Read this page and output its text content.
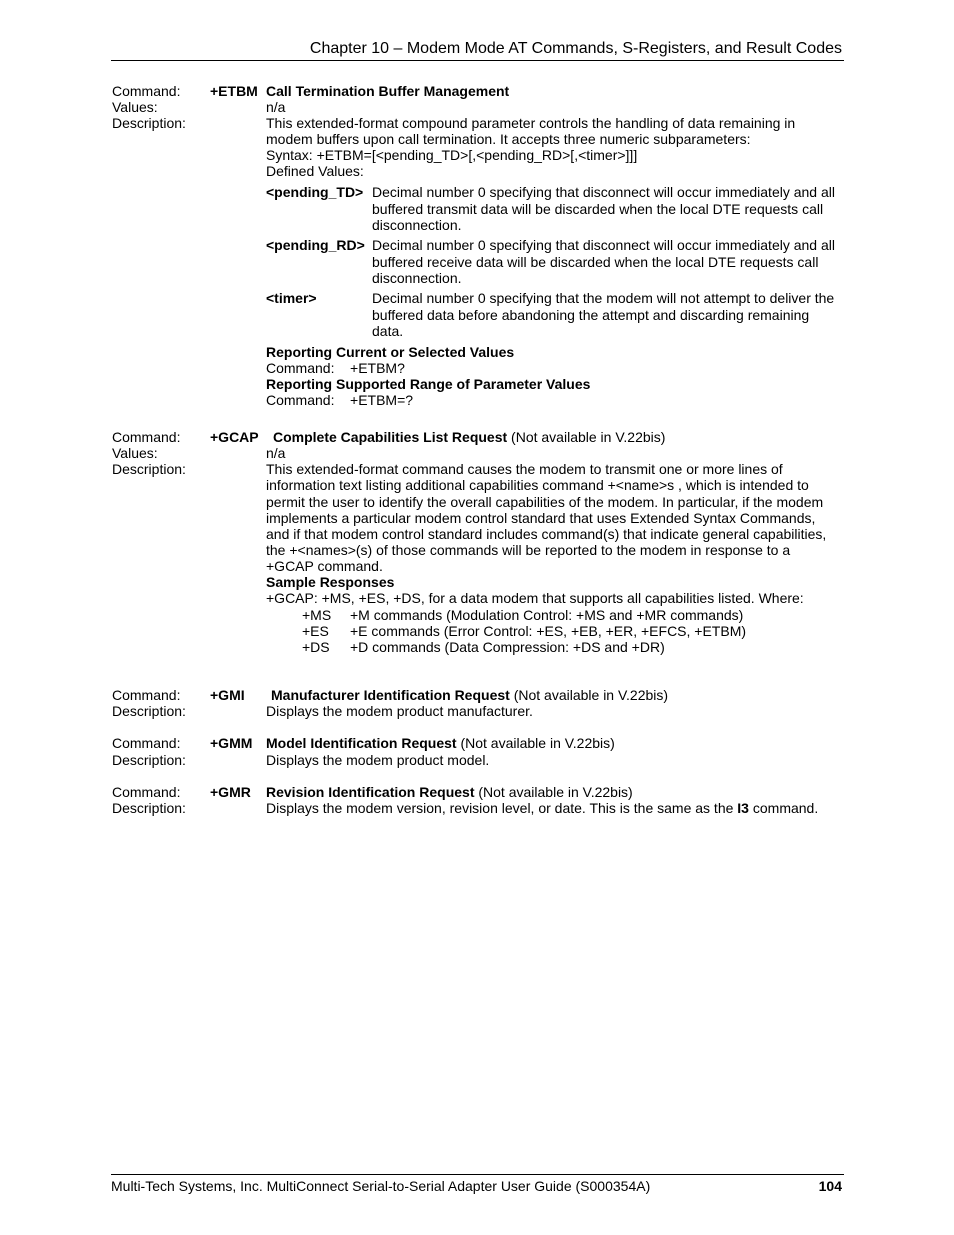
Chapter 10 – Modem Mode AT Commands, S-Registers, and Result Codes
Command: +ETBM Call Termination Buffer Management
Values:	n/a
Description:	This extended-format compound parameter controls the handling of data remaining in
modem buffers upon call termination. It accepts three numeric subparameters:
Syntax: +ETBM=[<pending_TD>[,<pending_RD>[,<timer>]]]
Defined Values:
<pending_TD> Decimal number 0 specifying that disconnect will occur immediately and all buffered transmit data will be discarded when the local DTE requests call disconnection.
<pending_RD> Decimal number 0 specifying that disconnect will occur immediately and all buffered receive data will be discarded when the local DTE requests call disconnection.
<timer>	Decimal number 0 specifying that the modem will not attempt to deliver the buffered data before abandoning the attempt and discarding remaining data.
Reporting Current or Selected Values
Command:    +ETBM?
Reporting Supported Range of Parameter Values
Command:    +ETBM=?
Command: +GCAP Complete Capabilities List Request (Not available in V.22bis)
Values:	n/a
Description:	This extended-format command causes the modem to transmit one or more lines of
information text listing additional capabilities command +<name>s , which is intended to
permit the user to identify the overall capabilities of the modem. In particular, if the modem
implements a particular modem control standard that uses Extended Syntax Commands,
and if that modem control standard includes command(s) that indicate general capabilities,
the +<names>(s) of those commands will be reported to the modem in response to a
+GCAP command.
Sample Responses
+GCAP: +MS, +ES, +DS, for a data modem that supports all capabilities listed. Where:
+MS +M commands (Modulation Control: +MS and +MR commands)
+ES +E commands (Error Control: +ES, +EB, +ER, +EFCS, +ETBM)
+DS +D commands (Data Compression: +DS and +DR)
Command: +GMI Manufacturer Identification Request (Not available in V.22bis)
Description:	Displays the modem product manufacturer.
Command: +GMM Model Identification Request (Not available in V.22bis)
Description:	Displays the modem product model.
Command: +GMR Revision Identification Request (Not available in V.22bis)
Description:	Displays the modem version, revision level, or date. This is the same as the I3 command.
Multi-Tech Systems, Inc. MultiConnect Serial-to-Serial Adapter User Guide (S000354A)	104
